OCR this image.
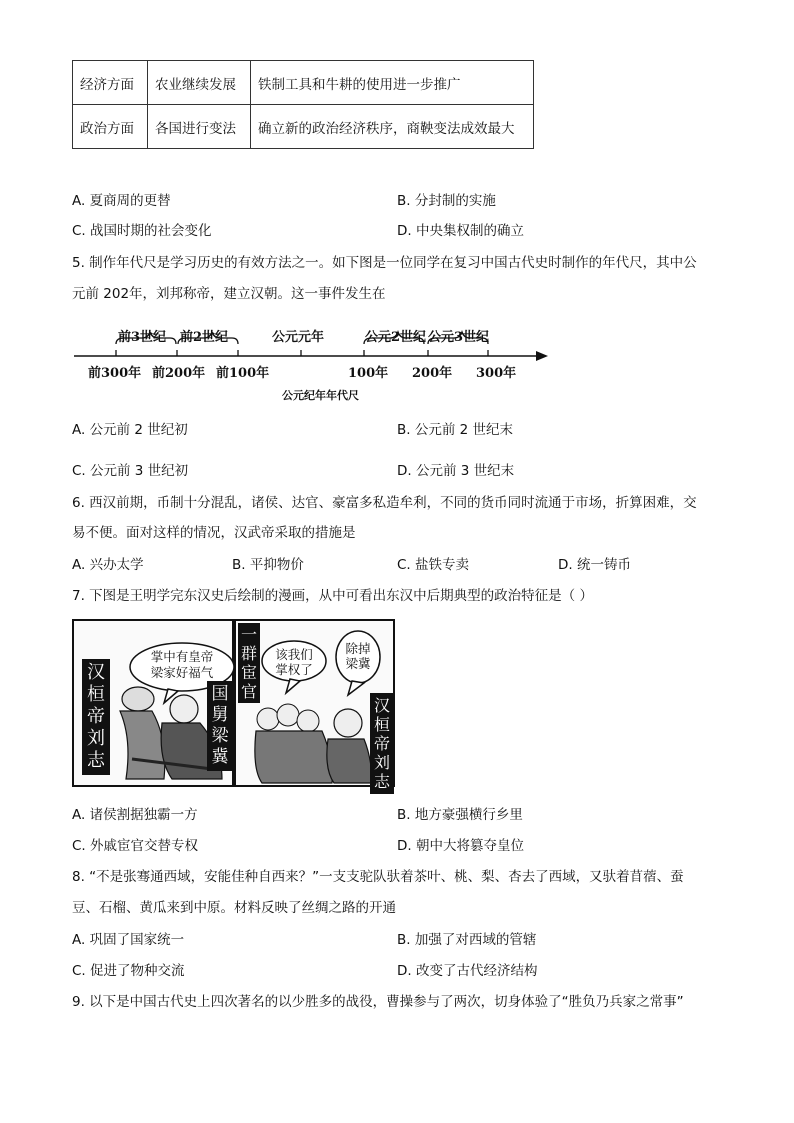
经济方面	农业继续发展	铁制工具和牛耕的使用进一步推广
政治方面	各国进行变法	确立新的政治经济秩序，商鞅变法成效最大
A. 夏商周的更替	B. 分封制的实施
C. 战国时期的社会变化	D. 中央集权制的确立
5. 制作年代尺是学习历史的有效方法之一。如下图是一位同学在复习中国古代史时制作的年代尺，其中公
元前 202年，刘邦称帝，建立汉朝。这一事件发生在
前3世纪 前2世纪	公元元年	公元2世纪 公元3世纪
前300年 前200年 前100年	100年 200年 300年
公元纪年年代尺
A. 公元前 2 世纪初	B. 公元前 2 世纪末
C. 公元前 3 世纪初	D. 公元前 3 世纪末
6. 西汉前期，币制十分混乱，诸侯、达官、豪富多私造牟利，不同的货币同时流通于市场，折算困难，交
易不便。面对这样的情况，汉武帝采取的措施是
A. 兴办太学	B. 平抑物价	C. 盐铁专卖	D. 统一铸币
7. 下图是王明学完东汉史后绘制的漫画，从中可看出东汉中后期典型的政治特征是（ ）
汉桓帝刘志
国舅梁冀
掌中有皇帝
梁家好福气
一群宦官
该我们
掌权了
除掉
梁冀
汉桓帝刘志
A. 诸侯割据独霸一方	B. 地方豪强横行乡里
C. 外戚宦官交替专权	D. 朝中大将篡夺皇位
8. “不是张骞通西域，安能佳种自西来？”一支支驼队驮着茶叶、桃、梨、杏去了西域，又驮着苜蓿、蚕
豆、石榴、黄瓜来到中原。材料反映了丝绸之路的开通
A. 巩固了国家统一	B. 加强了对西域的管辖
C. 促进了物种交流	D. 改变了古代经济结构
9. 以下是中国古代史上四次著名的以少胜多的战役，曹操参与了两次，切身体验了“胜负乃兵家之常事”
